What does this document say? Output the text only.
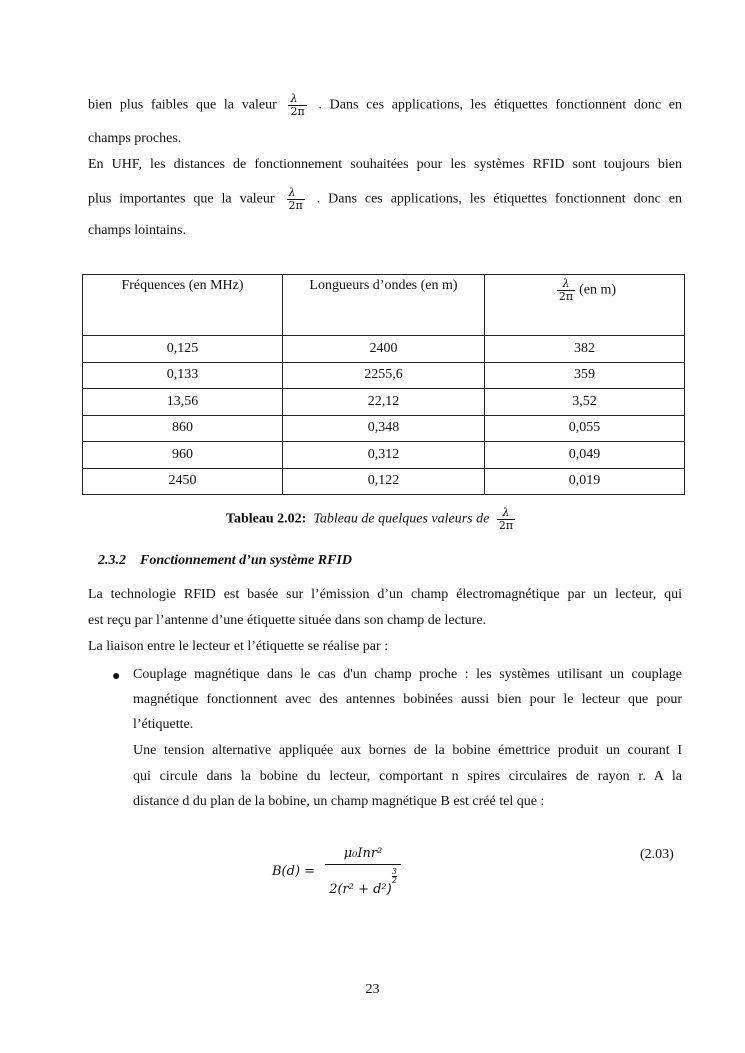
bien plus faibles que la valeur $\frac{\lambda}{2\pi}$ . Dans ces applications, les étiquettes fonctionnent donc en
champs proches.
En UHF, les distances de fonctionnement souhaitées pour les systèmes RFID sont toujours bien
plus importantes que la valeur $\frac{\lambda}{2\pi}$ . Dans ces applications, les étiquettes fonctionnent donc en
champs lointains.
Fréquences (en MHz)	Longueurs d’ondes (en m)	$\frac{\lambda}{2\pi} (en$ m)
0,125	2400	382
0,133	2255,6	359
13,56	22,12	3,52
860	0,348	0,055
960	0,312	0,049
2450	0,122	0,019
Tableau 2.02: Tableau de quelques valeurs de $\frac{\lambda}{2\pi}$
2.3.2 Fonctionnement d’un système RFID
La technologie RFID est basée sur l’émission d’un champ électromagnétique par un lecteur, qui
est reçu par l’antenne d’une étiquette située dans son champ de lecture.
La liaison entre le lecteur et l’étiquette se réalise par :
● Couplage magnétique dans le cas d'un champ proche : les systèmes utilisant un couplage
magnétique fonctionnent avec des antennes bobinées aussi bien pour le lecteur que pour
l’étiquette.
Une tension alternative appliquée aux bornes de la bobine émettrice produit un courant I
qui circule dans la bobine du lecteur, comportant n spires circulaires de rayon r. A la
distance d du plan de la bobine, un champ magnétique B est créé tel que :
B(d) =
μ₀Inr²
2(r² + d²)
$^{\frac{3}{2}}$
(2.03)
23
